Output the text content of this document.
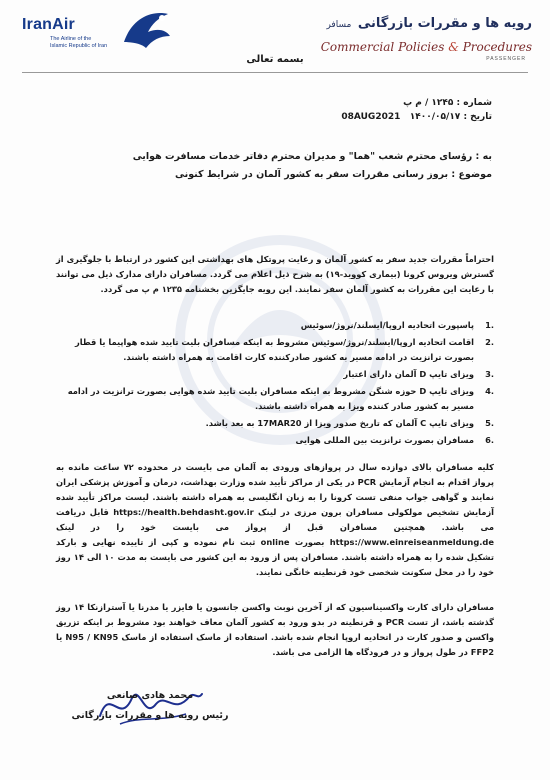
IranAir
The Airline of the
Islamic Republic of Iran
رویه ها و مقررات بازرگانی مسافر
Commercial Policies & Procedures
PASSENGER
بسمه تعالی
شماره : ۱۲۴۵ / م پ
تاریخ : ۱۴۰۰/۰۵/۱۷   08AUG2021
به : رؤسای محترم شعب "هما" و مدیران محترم دفاتر خدمات مسافرت هوایی
موضوع : بروز رسانی مقررات سفر به کشور آلمان در شرایط کنونی
احتراماً مقررات جدید سفر به کشور آلمان و رعایت پروتکل های بهداشتی این کشور در ارتباط با جلوگیری از گسترش ویروس کرونا (بیماری کووید-۱۹) به شرح ذیل اعلام می گردد. مسافران دارای مدارک ذیل می توانند با رعایت این مقررات به کشور آلمان سفر نمایند. این رویه جایگزین بخشنامه ۱۲۳۵ م پ می گردد.
.1
پاسپورت اتحادیه اروپا/ایسلند/نروژ/سوئیس
.2
اقامت اتحادیه اروپا/ایسلند/نروژ/سوئیس مشروط به اینکه مسافران بلیت تایید شده هواپیما یا قطار بصورت ترانزیت در ادامه مسیر به کشور صادرکننده کارت اقامت به همراه داشته باشند.
.3
ویزای تایپ D آلمان دارای اعتبار
.4
ویزای تایپ D حوزه شنگن مشروط به اینکه مسافران بلیت تایید شده هوایی بصورت ترانزیت در ادامه مسیر به کشور صادر کننده ویزا به همراه داشته باشند.
.5
ویزای تایپ C آلمان که تاریخ صدور ویزا از 17MAR20 به بعد باشد.
.6
مسافران بصورت ترانزیت بین المللی هوایی
کلیه مسافران بالای دوازده سال در پروازهای ورودی به آلمان می بایست در محدوده ۷۲ ساعت مانده به پرواز اقدام به انجام آزمایش PCR در یکی از مراکز تأیید شده وزارت بهداشت، درمان و آموزش پزشکی ایران نمایند و گواهی جواب منفی تست کرونا را به زبان انگلیسی به همراه داشته باشند. لیست مراکز تأیید شده آزمایش تشخیص مولکولی مسافران برون مرزی در لینک https://health.behdasht.gov.ir قابل دریافت می باشد. همچنین مسافران قبل از پرواز می بایست خود را در لینک https://www.einreiseanmeldung.de بصورت online ثبت نام نموده و کپی از تاییده نهایی و بارکد تشکیل شده را به همراه داشته باشند. مسافران پس از ورود به این کشور می بایست به مدت ۱۰ الی ۱۴ روز خود را در محل سکونت شخصی خود قرنطینه خانگی نمایند.
مسافران دارای کارت واکسیناسیون که از آخرین نوبت واکسن جانسون یا فایزر یا مدرنا یا آسترازنکا ۱۴ روز گذشته باشد، از تست PCR و قرنطینه در بدو ورود به کشور آلمان معاف خواهند بود مشروط بر اینکه تزریق واکسن و صدور کارت در اتحادیه اروپا انجام شده باشد. استفاده از ماسک استفاده از ماسک N95 / KN95 یا FFP2 در طول پرواز و در فرودگاه ها الزامی می باشد.
محمد هادی صانعی
رئیس رویه ها و مقررات بازرگانی
